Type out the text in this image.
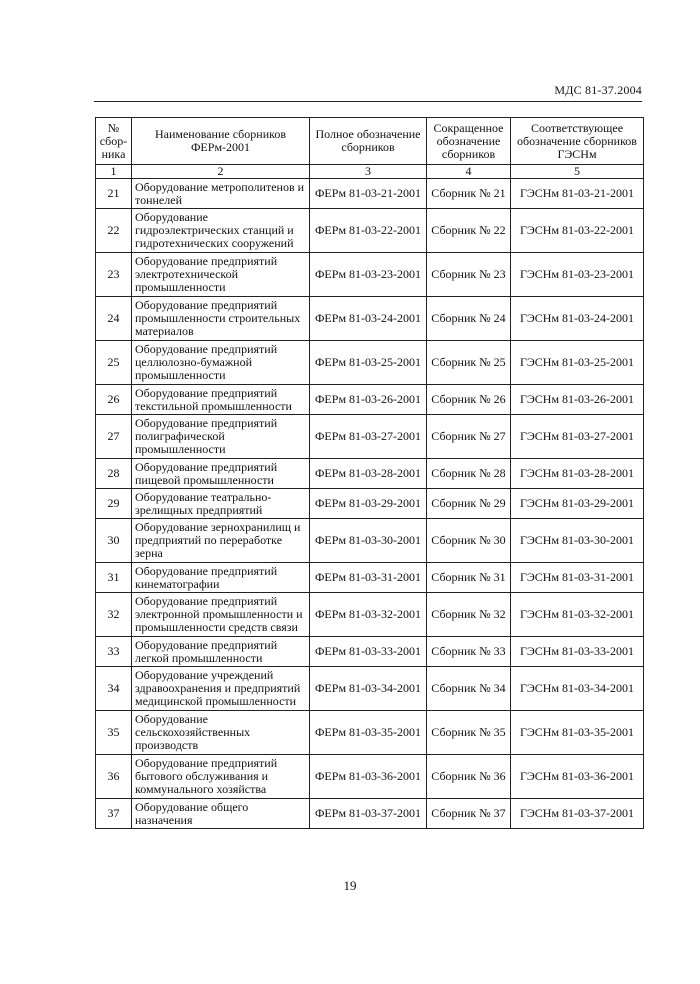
МДС 81-37.2004
№ сбор- ника	Наименование сборников ФЕРм-2001	Полное обозначение сборников	Сокращенное обозначение сборников	Соответствующее обозначение сборников ГЭСНм
1	2	3	4	5
21	Оборудование метрополитенов и тоннелей	ФЕРм 81-03-21-2001	Сборник № 21	ГЭСНм 81-03-21-2001
22	Оборудование гидроэлектрических станций и гидротехнических сооружений	ФЕРм 81-03-22-2001	Сборник № 22	ГЭСНм 81-03-22-2001
23	Оборудование предприятий электротехнической промышленности	ФЕРм 81-03-23-2001	Сборник № 23	ГЭСНм 81-03-23-2001
24	Оборудование предприятий промышленности строительных материалов	ФЕРм 81-03-24-2001	Сборник № 24	ГЭСНм 81-03-24-2001
25	Оборудование предприятий целлюлозно-бумажной промышленности	ФЕРм 81-03-25-2001	Сборник № 25	ГЭСНм 81-03-25-2001
26	Оборудование предприятий текстильной промышленности	ФЕРм 81-03-26-2001	Сборник № 26	ГЭСНм 81-03-26-2001
27	Оборудование предприятий полиграфической промышленности	ФЕРм 81-03-27-2001	Сборник № 27	ГЭСНм 81-03-27-2001
28	Оборудование предприятий пищевой промышленности	ФЕРм 81-03-28-2001	Сборник № 28	ГЭСНм 81-03-28-2001
29	Оборудование театрально-зрелищных предприятий	ФЕРм 81-03-29-2001	Сборник № 29	ГЭСНм 81-03-29-2001
30	Оборудование зернохранилищ и предприятий по переработке зерна	ФЕРм 81-03-30-2001	Сборник № 30	ГЭСНм 81-03-30-2001
31	Оборудование предприятий кинематографии	ФЕРм 81-03-31-2001	Сборник № 31	ГЭСНм 81-03-31-2001
32	Оборудование предприятий электронной промышленности и промышленности средств связи	ФЕРм 81-03-32-2001	Сборник № 32	ГЭСНм 81-03-32-2001
33	Оборудование предприятий легкой промышленности	ФЕРм 81-03-33-2001	Сборник № 33	ГЭСНм 81-03-33-2001
34	Оборудование учреждений здравоохранения и предприятий медицинской промышленности	ФЕРм 81-03-34-2001	Сборник № 34	ГЭСНм 81-03-34-2001
35	Оборудование сельскохозяйственных производств	ФЕРм 81-03-35-2001	Сборник № 35	ГЭСНм 81-03-35-2001
36	Оборудование предприятий бытового обслуживания и коммунального хозяйства	ФЕРм 81-03-36-2001	Сборник № 36	ГЭСНм 81-03-36-2001
37	Оборудование общего назначения	ФЕРм 81-03-37-2001	Сборник № 37	ГЭСНм 81-03-37-2001
19
